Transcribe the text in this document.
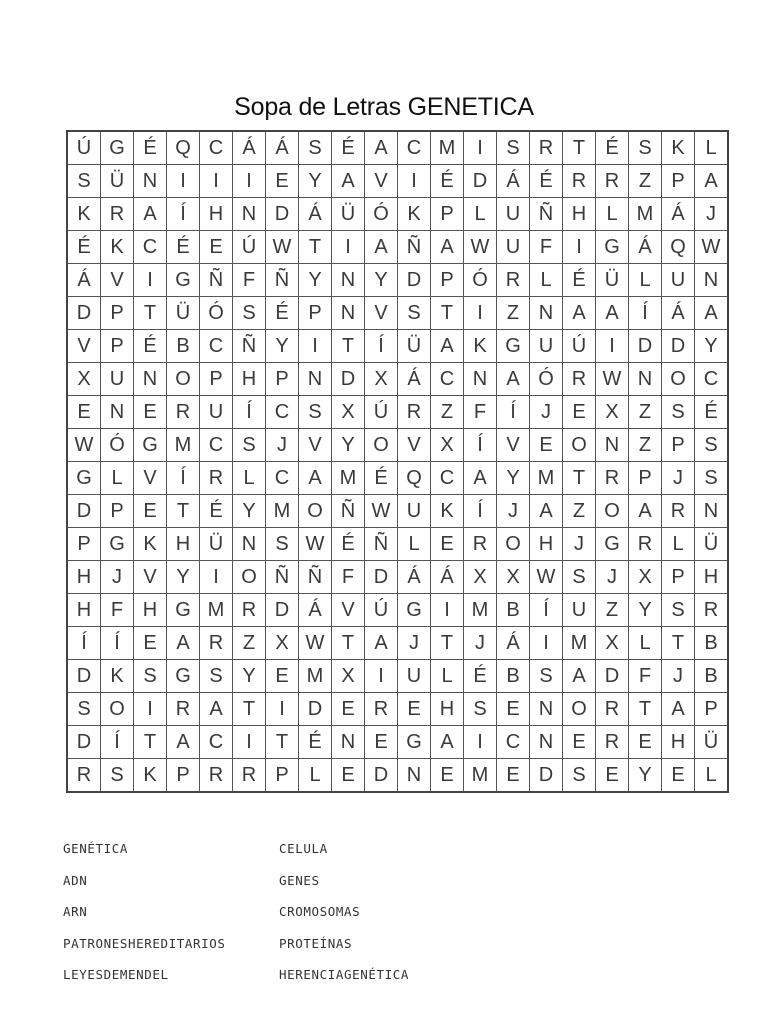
Sopa de Letras GENETICA
Ú	G	É	Q	C	Á	Á	S	É	A	C	M	I	S	R	T	É	S	K	L
S	Ü	N	I	I	I	E	Y	A	V	I	É	D	Á	É	R	R	Z	P	A
K	R	A	Í	H	N	D	Á	Ü	Ó	K	P	L	U	Ñ	H	L	M	Á	J
É	K	C	É	E	Ú	W	T	I	A	Ñ	A	W	U	F	I	G	Á	Q	W
Á	V	I	G	Ñ	F	Ñ	Y	N	Y	D	P	Ó	R	L	É	Ü	L	U	N
D	P	T	Ü	Ó	S	É	P	N	V	S	T	I	Z	N	A	A	Í	Á	A
V	P	É	B	C	Ñ	Y	I	T	Í	Ü	A	K	G	U	Ú	I	D	D	Y
X	U	N	O	P	H	P	N	D	X	Á	C	N	A	Ó	R	W	N	O	C
E	N	E	R	U	Í	C	S	X	Ú	R	Z	F	Í	J	E	X	Z	S	É
W	Ó	G	M	C	S	J	V	Y	O	V	X	Í	V	E	O	N	Z	P	S
G	L	V	Í	R	L	C	A	M	É	Q	C	A	Y	M	T	R	P	J	S
D	P	E	T	É	Y	M	O	Ñ	W	U	K	Í	J	A	Z	O	A	R	N
P	G	K	H	Ü	N	S	W	É	Ñ	L	E	R	O	H	J	G	R	L	Ü
H	J	V	Y	I	O	Ñ	Ñ	F	D	Á	Á	X	X	W	S	J	X	P	H
H	F	H	G	M	R	D	Á	V	Ú	G	I	M	B	Í	U	Z	Y	S	R
Í	Í	E	A	R	Z	X	W	T	A	J	T	J	Á	I	M	X	L	T	B
D	K	S	G	S	Y	E	M	X	I	U	L	É	B	S	A	D	F	J	B
S	O	I	R	A	T	I	D	E	R	E	H	S	E	N	O	R	T	A	P
D	Í	T	A	C	I	T	É	N	E	G	A	I	C	N	E	R	E	H	Ü
R	S	K	P	R	R	P	L	E	D	N	E	M	E	D	S	E	Y	E	L
GENÉTICA
ADN
ARN
PATRONESHEREDITARIOS
LEYESDEMENDEL
CELULA
GENES
CROMOSOMAS
PROTEÍNAS
HERENCIAGENÉTICA
